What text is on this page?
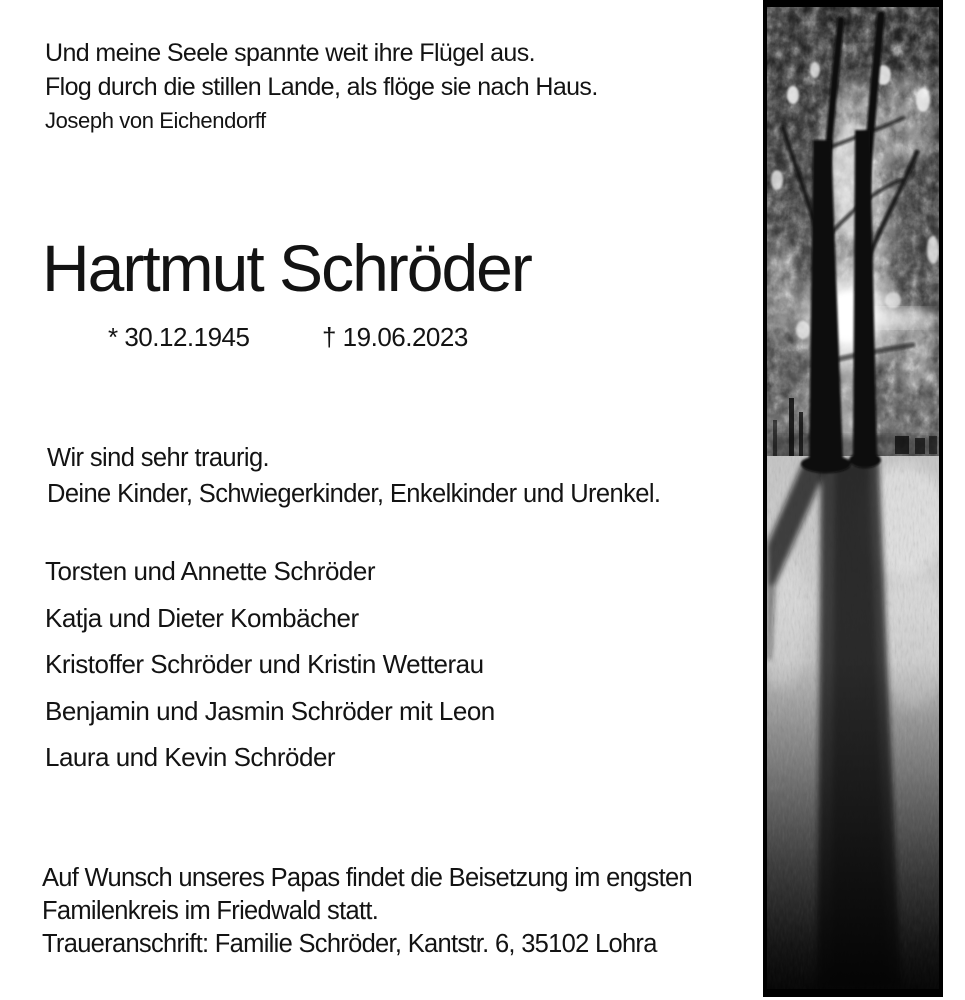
Und meine Seele spannte weit ihre Flügel aus.
Flog durch die stillen Lande, als flöge sie nach Haus.
Joseph von Eichendorff
Hartmut Schröder
* 30.12.1945	† 19.06.2023
Wir sind sehr traurig.
Deine Kinder, Schwiegerkinder, Enkelkinder und Urenkel.
Torsten und Annette Schröder
Katja und Dieter Kombächer
Kristoffer Schröder und Kristin Wetterau
Benjamin und Jasmin Schröder mit Leon
Laura und Kevin Schröder
Auf Wunsch unseres Papas findet die Beisetzung im engsten
Familenkreis im Friedwald statt.
Traueranschrift: Familie Schröder, Kantstr. 6, 35102 Lohra
